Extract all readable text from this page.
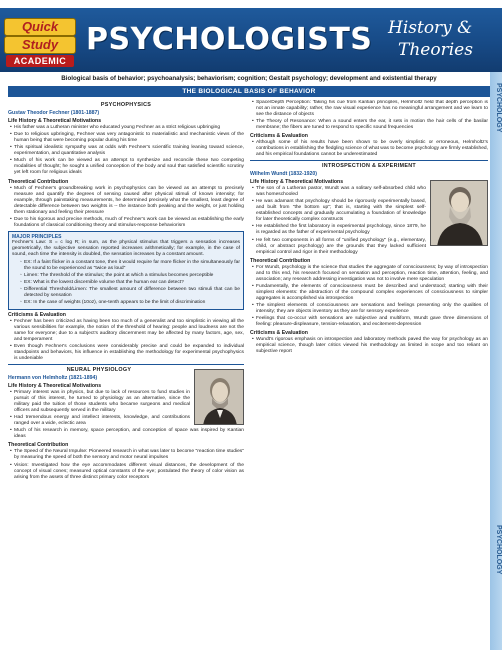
Quick
Study
ACADEMIC
PSYCHOLOGISTS History &
Theories
PSYCHOLOGY
PSYCHOLOGY
Biological basis of behavior; psychoanalysis; behaviorism; cognition; Gestalt psychology; development and existential therapy
THE BIOLOGICAL BASIS OF BEHAVIOR
PSYCHOPHYSICS
Gustav Theodor Fechner (1801-1887)
Life History & Theoretical Motivations
• His father was a Lutheran minister who educated young Fechner as a strict religious upbringing
• Due to religious upbringing, Fechner was very antagonistic to materialistic and mechanistic views of the human being that were becoming popular during his time
• This spiritual idealistic sympathy was at odds with Fechner's scientific training leaning toward science, experimentation, and quantitative analysis
• Much of his work can be viewed as an attempt to synthesize and reconcile these two competing modalities of thought; he sought a unified conception of the body and soul that satisfied scientific scrutiny yet left room for religious ideals
Theoretical Contribution
• Much of Fechner's groundbreaking work in psychophysics can be viewed as an attempt to precisely measure and quantify the degrees of sensing caused after physical stimuli of known intensity; for example, through painstaking measurements, he determined precisely what the smallest, least degree of detectable difference between two weights is -- the instance both peaking and the weight, or just holding them stationary and feeling their pressure
• Due to his rigorous and precise methods, much of Fechner's work can be viewed as establishing the early foundations of classical conditioning theory and stimulus-response behaviorism
MAJOR PRINCIPLES
Fechner's Law: S = c log R; in sum, as the physical stimulus that triggers a sensation increases geometrically, the subjective sensation reported increases arithmetically; for example, in the case of sound, each time the intensity is doubled, the sensation increases by a constant amount.
◦ EX: If a faint flicker in a constant tone, then it would require far more flicker in the simultaneously far the sound to be experienced as "twice as loud"
◦ Limen: The threshold of the stimulus; the point at which a stimulus becomes perceptible
◦ EX: What is the lowest discernible volume that the human ear can detect?
◦ Differential Threshold/Limen: The smallest amount of difference between two stimuli that can be detected by sensation
◦ EX: In the case of weights (10oz), one-tenth appears to be the limit of discrimination
Criticisms & Evaluation
• Fechner has been criticized as having been too much of a generalist and too simplistic in viewing all the various sensibilities for example, the notion of the threshold of hearing: people and loudness are not the same for everyone; due to a subject's auditory discernment may be affected by many factors, age, sex, and temperament
• Even though Fechner's conclusions were considerably precise and could be expanded to individual standpoints and behaviors, his influence in establishing the methodology for experimental psychophysics is undeniable
NEURAL PHYSIOLOGY
Hermann von Helmholtz (1821-1894)
Life History & Theoretical Motivations
• Primary interest was in physics, but due to lack of resources to fund studies in pursuit of this interest, he turned to physiology as an alternative, since the military paid the tuition of those students who became surgeons and medical officers and subsequently served in the military
• Had tremendous energy and intellect interests, knowledge, and contributions ranged over a wide, eclectic area
• Much of his research in memory, space perception, and conception of space was inspired by Kantian ideas
Theoretical Contribution
• The Speed of the Neural Impulse: Pioneered research in what was later to become "reaction time studies" by measuring the speed of both the sensory and motor neural impulses
• Vision: Investigated how the eye accommodates different visual distances, the development of the concept of visual cones; measured optical constants of the eye; postulated the theory of color vision as arising from the assets of three distinct primary color receptors
• Space/Depth Perception: Taking his cue from Kantian principles, Helmholtz held that depth perception is not an innate capability; rather, the raw visual experience has no meaningful arrangement and we learn to see the distance of objects
• The Theory of Resonance: When a sound enters the ear, it sets in motion the hair cells of the basilar membrane; the fibers are tuned to respond to specific sound frequencies
Criticisms & Evaluation
• Although some of his results have been shown to be overly simplistic or erroneous, Helmholtz's contributions in establishing the fledgling science of what was to become psychology are firmly established, and his empirical foundations cannot be underestimated
INTROSPECTION & EXPERIMENT
Wilhelm Wundt (1832-1920)
Life History & Theoretical Motivations
• The son of a Lutheran pastor, Wundt was a solitary self-absorbed child who was homeschooled
• He was adamant that psychology should be rigorously experimentally based, and built from "the bottom up"; that is, starting with the simplest self-established concepts and gradually accumulating a foundation of knowledge for later theoretically complex constructs
• He established the first laboratory in experimental psychology, since 1879, he is regarded as the father of experimental psychology
• He felt two components in all forms of "unified psychology" (e.g., elementary, child, or abstract psychology) are the grounds that they lacked sufficient empirical control and rigor in their methodology
Theoretical Contribution
• For Wundt, psychology is the science that studies the aggregate of consciousness; by way of introspection and to this end, his research focused on sensation and perception, reaction time, attention, feeling, and association; any research addressing investigation was not to involve mere speculation
• Fundamentally, the elements of consciousness must be described and understood; starting with their simplest elements: the abstraction of the compound complex experiences of consciousness to simpler aggregates is accomplished via introspection
• The simplest elements of consciousness are sensations and feelings presenting only the qualities of intensity; they are objects inventory as they are for sensory experience
• Feelings that co-occur with sensations are subjective and multiform, Wundt gave three dimensions of feeling: pleasure-displeasure, tension-relaxation, and excitement-depression
Criticisms & Evaluation
• Wundt's rigorous emphasis on introspection and laboratory methods paved the way for psychology as an empirical science, though later critics viewed his methodology as limited in scope and too reliant on subjective report
